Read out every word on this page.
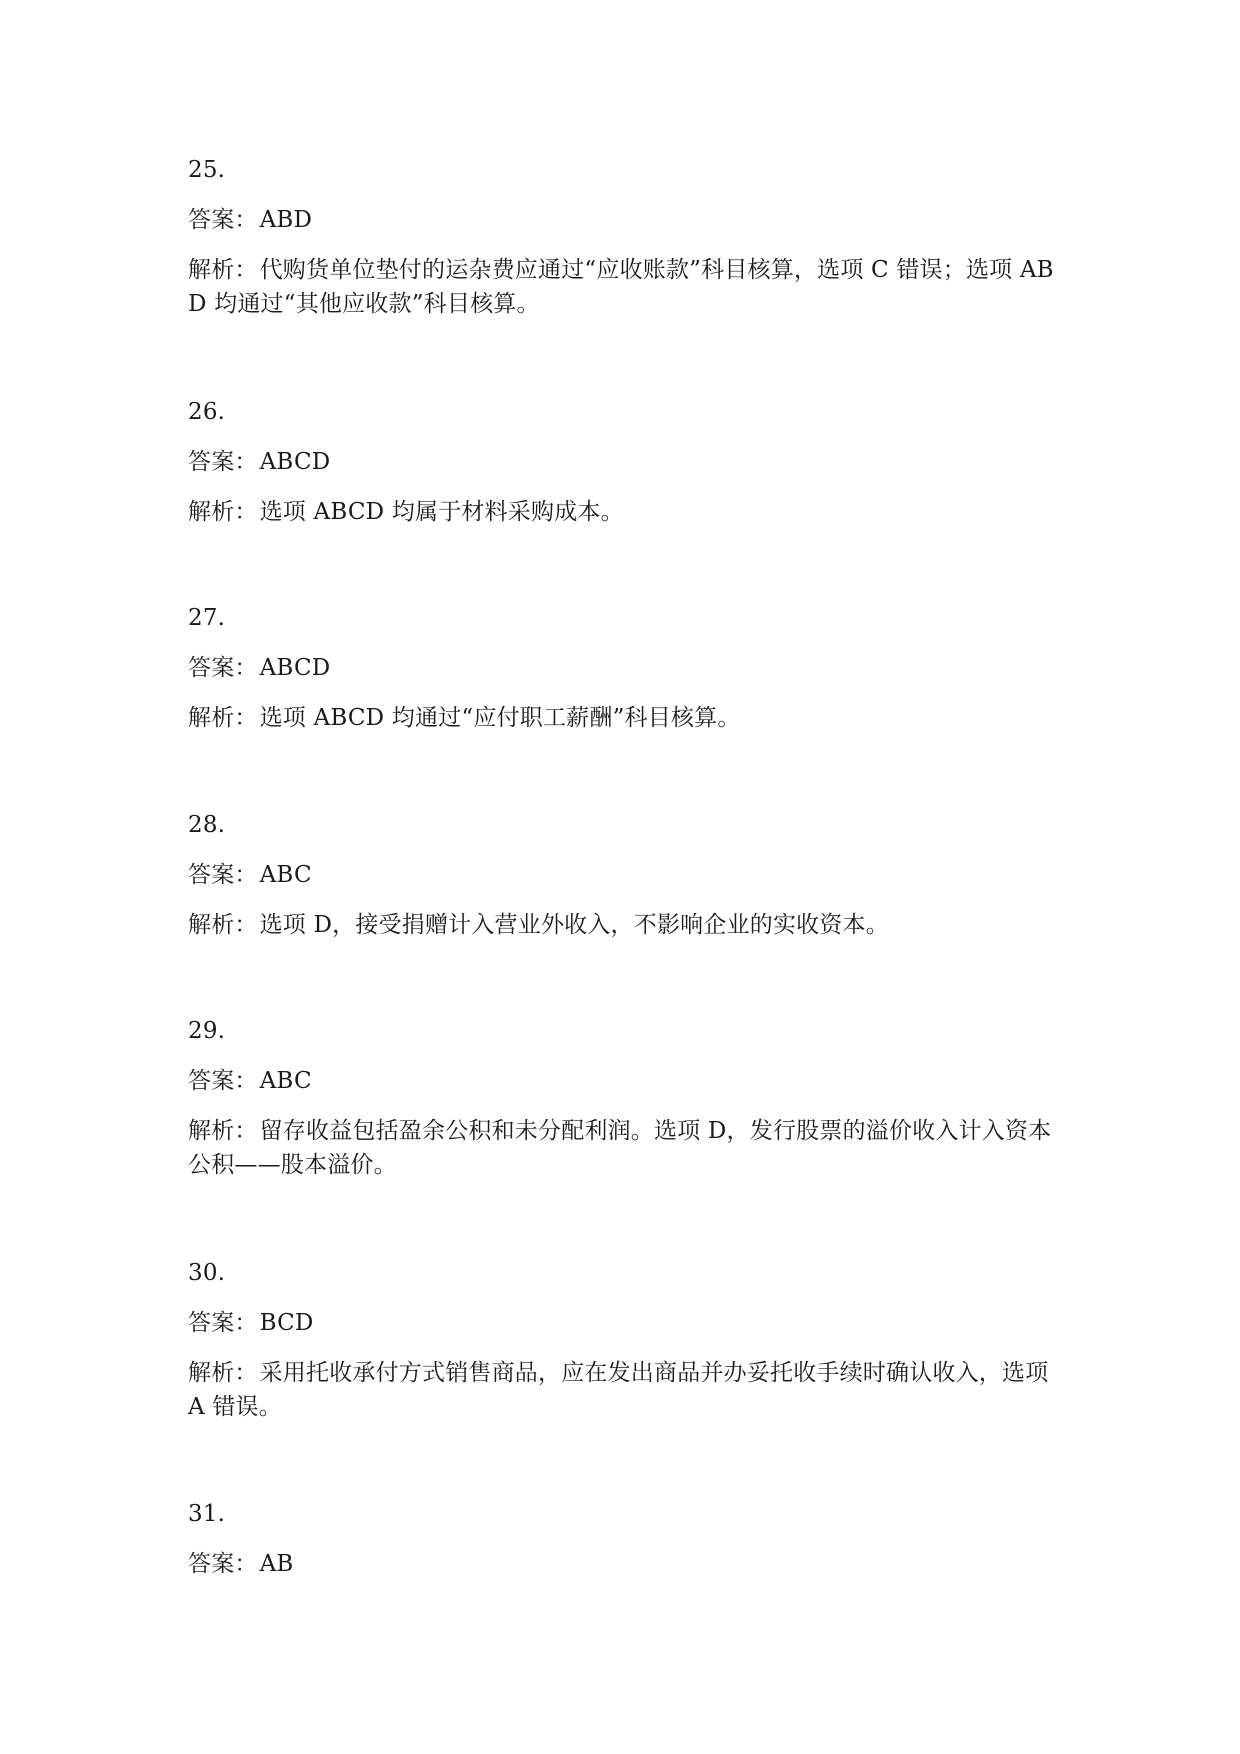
25.

答案：ABD

解析：代购货单位垫付的运杂费应通过“应收账款”科目核算，选项 C 错误；选项 ABD 均通过“其他应收款”科目核算。

26.

答案：ABCD

解析：选项 ABCD 均属于材料采购成本。

27.

答案：ABCD

解析：选项 ABCD 均通过“应付职工薪酬”科目核算。

28.

答案：ABC

解析：选项 D，接受捐赠计入营业外收入，不影响企业的实收资本。

29.

答案：ABC

解析：留存收益包括盈余公积和未分配利润。选项 D，发行股票的溢价收入计入资本公积——股本溢价。

30.

答案：BCD

解析：采用托收承付方式销售商品，应在发出商品并办妥托收手续时确认收入，选项 A 错误。

31.

答案：AB
